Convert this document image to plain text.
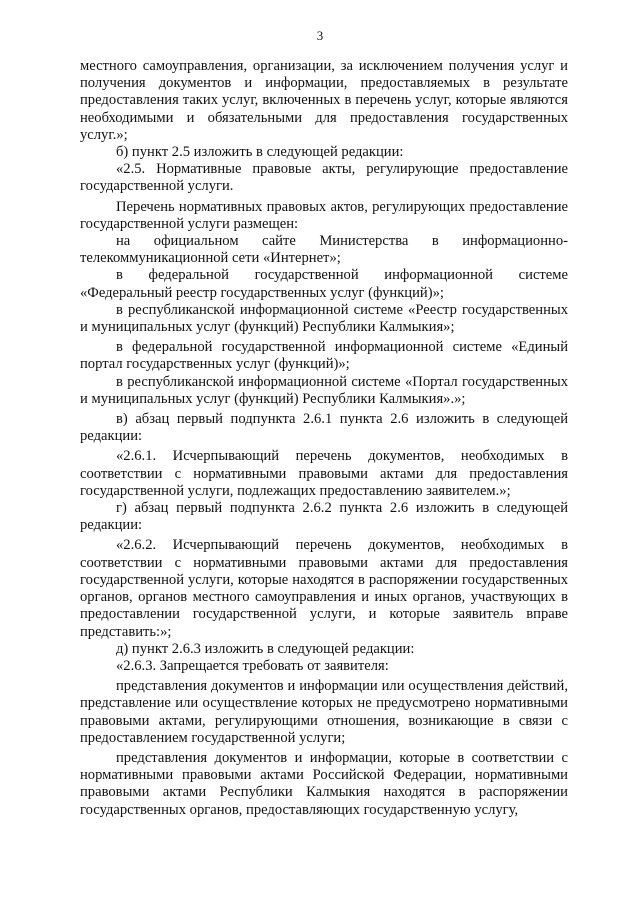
3

местного самоуправления, организации, за исключением получения услуг и получения документов и информации, предоставляемых в результате предоставления таких услуг, включенных в перечень услуг, которые являются необходимыми и обязательными для предоставления государственных услуг.»;

б) пункт 2.5 изложить в следующей редакции:

«2.5. Нормативные правовые акты, регулирующие предоставление государственной услуги.

Перечень нормативных правовых актов, регулирующих предоставление государственной услуги размещен:

на официальном сайте Министерства в информационно-телекоммуникационной сети «Интернет»;

в федеральной государственной информационной системе «Федеральный реестр государственных услуг (функций)»;

в республиканской информационной системе «Реестр государственных и муниципальных услуг (функций) Республики Калмыкия»;

в федеральной государственной информационной системе «Единый портал государственных услуг (функций)»;

в республиканской информационной системе «Портал государственных и муниципальных услуг (функций) Республики Калмыкия».»;

в) абзац первый подпункта 2.6.1 пункта 2.6 изложить в следующей редакции:

«2.6.1. Исчерпывающий перечень документов, необходимых в соответствии с нормативными правовыми актами для предоставления государственной услуги, подлежащих предоставлению заявителем.»;

г) абзац первый подпункта 2.6.2 пункта 2.6 изложить в следующей редакции:

«2.6.2. Исчерпывающий перечень документов, необходимых в соответствии с нормативными правовыми актами для предоставления государственной услуги, которые находятся в распоряжении государственных органов, органов местного самоуправления и иных органов, участвующих в предоставлении государственной услуги, и которые заявитель вправе представить:»;

д) пункт 2.6.3 изложить в следующей редакции:

«2.6.3. Запрещается требовать от заявителя:

представления документов и информации или осуществления действий, представление или осуществление которых не предусмотрено нормативными правовыми актами, регулирующими отношения, возникающие в связи с предоставлением государственной услуги;

представления документов и информации, которые в соответствии с нормативными правовыми актами Российской Федерации, нормативными правовыми актами Республики Калмыкия находятся в распоряжении государственных органов, предоставляющих государственную услугу,
